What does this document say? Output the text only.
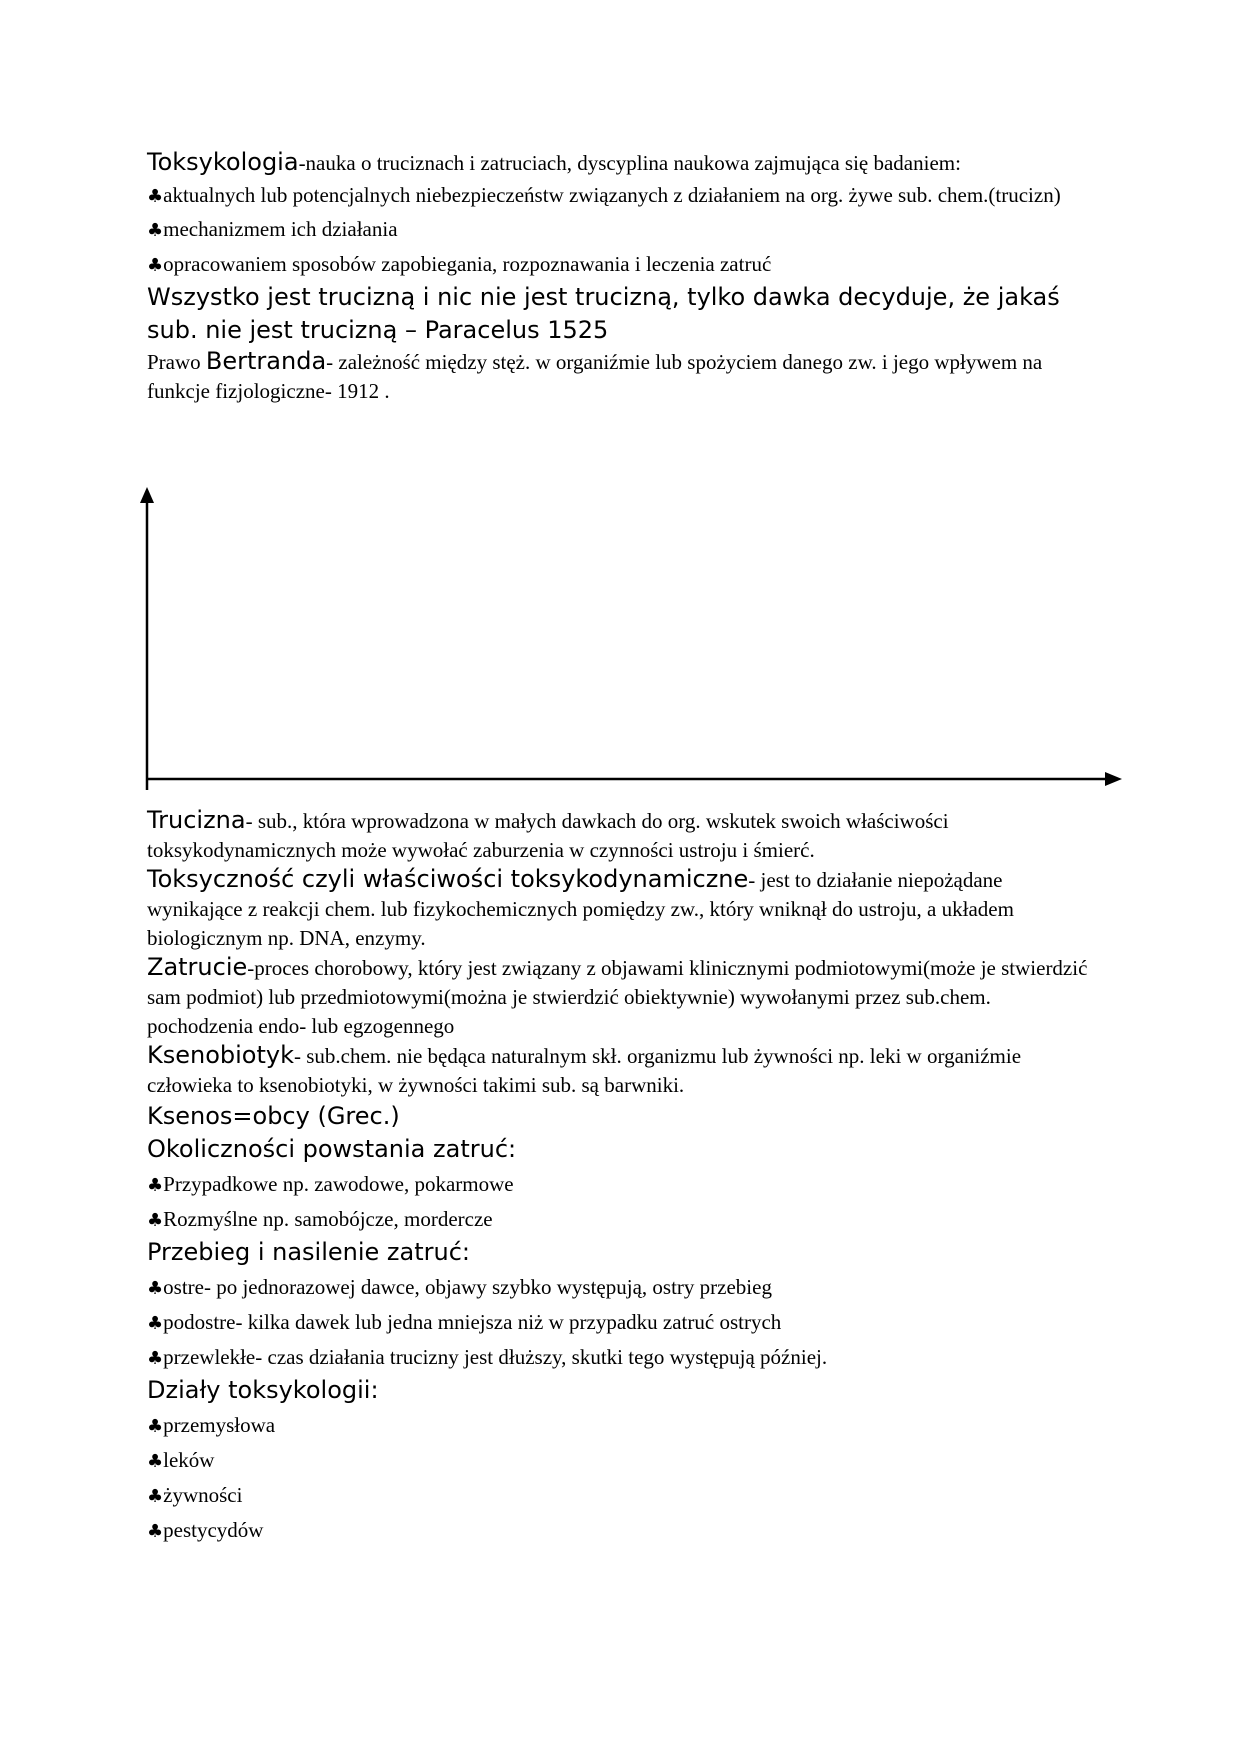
Toksykologia-nauka o truciznach i zatruciach, dyscyplina naukowa zajmująca się badaniem:

♣aktualnych lub potencjalnych niebezpieczeństw związanych z działaniem na org. żywe sub. chem.(trucizn)

♣mechanizmem ich działania

♣opracowaniem sposobów zapobiegania, rozpoznawania i leczenia zatruć

Wszystko jest trucizną i nic nie jest trucizną, tylko dawka decyduje, że jakaś sub. nie jest trucizną – Paracelus 1525

Prawo Bertranda- zależność między stęż. w organiźmie lub spożyciem danego zw. i jego wpływem na funkcje fizjologiczne- 1912 .

Trucizna- sub., która wprowadzona w małych dawkach do org. wskutek swoich właściwości toksykodynamicznych może wywołać zaburzenia w czynności ustroju i śmierć.

Toksyczność czyli właściwości toksykodynamiczne- jest to działanie niepożądane wynikające z reakcji chem. lub fizykochemicznych pomiędzy zw., który wniknął do ustroju, a układem biologicznym np. DNA, enzymy.

Zatrucie-proces chorobowy, który jest związany z objawami klinicznymi podmiotowymi(może je stwierdzić sam podmiot) lub przedmiotowymi(można je stwierdzić obiektywnie) wywołanymi przez sub.chem. pochodzenia endo- lub egzogennego

Ksenobiotyk- sub.chem. nie będąca naturalnym skł. organizmu lub żywności np. leki w organiźmie człowieka to ksenobiotyki, w żywności takimi sub. są barwniki.

Ksenos=obcy (Grec.)

Okoliczności powstania zatruć:

♣Przypadkowe np. zawodowe, pokarmowe

♣Rozmyślne np. samobójcze, mordercze

Przebieg i nasilenie zatruć:

♣ostre- po jednorazowej dawce, objawy szybko występują, ostry przebieg

♣podostre- kilka dawek lub jedna mniejsza niż w przypadku zatruć ostrych

♣przewlekłe- czas działania trucizny jest dłuższy, skutki tego występują później.

Działy toksykologii:

♣przemysłowa

♣leków

♣żywności

♣pestycydów
